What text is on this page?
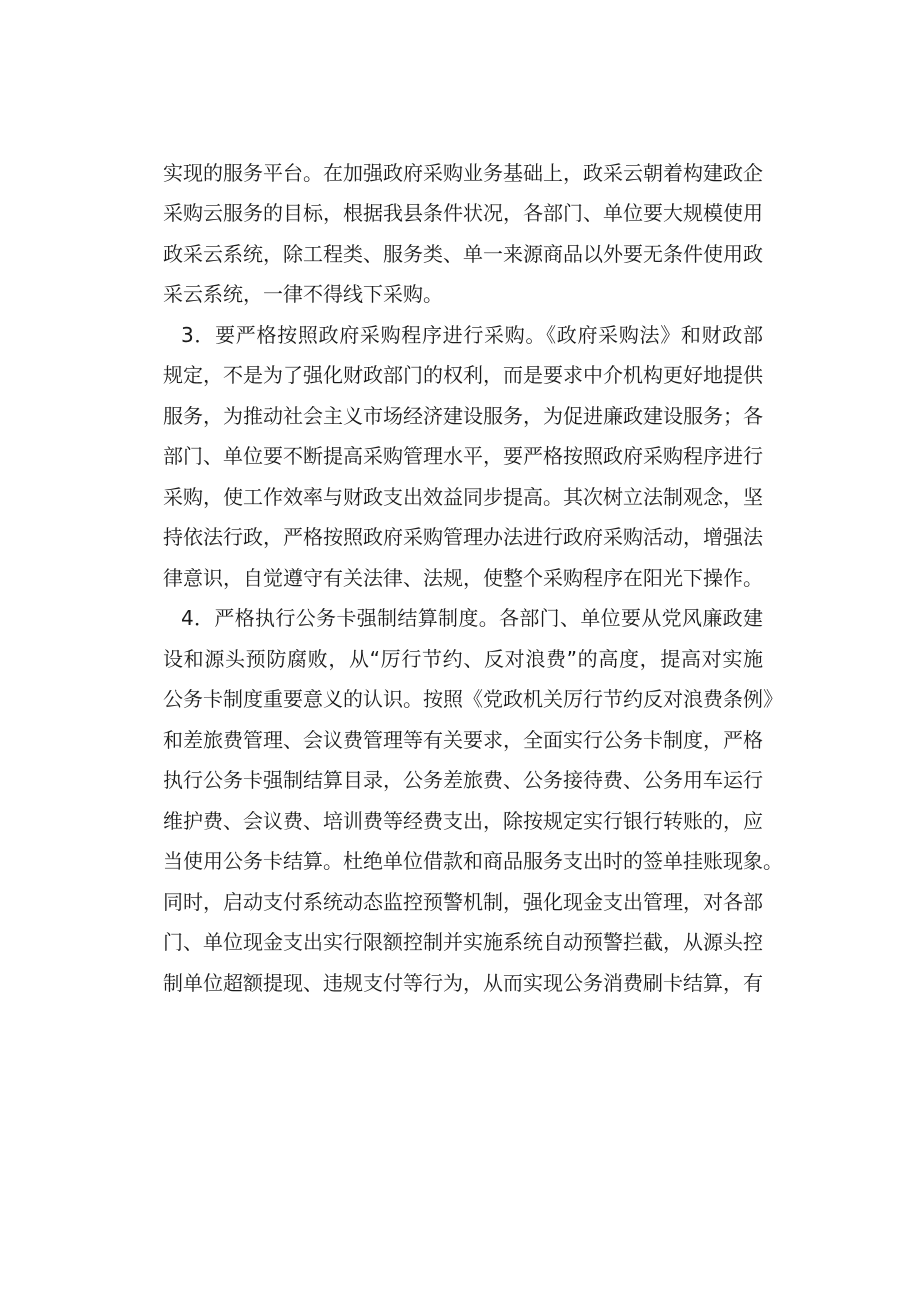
实现的服务平台。在加强政府采购业务基础上，政采云朝着构建政企
采购云服务的目标，根据我县条件状况，各部门、单位要大规模使用
政采云系统，除工程类、服务类、单一来源商品以外要无条件使用政
采云系统，一律不得线下采购。
3．要严格按照政府采购程序进行采购。《政府采购法》和财政部
规定，不是为了强化财政部门的权利，而是要求中介机构更好地提供
服务，为推动社会主义市场经济建设服务，为促进廉政建设服务；各
部门、单位要不断提高采购管理水平，要严格按照政府采购程序进行
采购，使工作效率与财政支出效益同步提高。其次树立法制观念，坚
持依法行政，严格按照政府采购管理办法进行政府采购活动，增强法
律意识，自觉遵守有关法律、法规，使整个采购程序在阳光下操作。
4．严格执行公务卡强制结算制度。各部门、单位要从党风廉政建
设和源头预防腐败，从“厉行节约、反对浪费”的高度，提高对实施
公务卡制度重要意义的认识。按照《党政机关厉行节约反对浪费条例》
和差旅费管理、会议费管理等有关要求，全面实行公务卡制度，严格
执行公务卡强制结算目录，公务差旅费、公务接待费、公务用车运行
维护费、会议费、培训费等经费支出，除按规定实行银行转账的，应
当使用公务卡结算。杜绝单位借款和商品服务支出时的签单挂账现象。
同时，启动支付系统动态监控预警机制，强化现金支出管理，对各部
门、单位现金支出实行限额控制并实施系统自动预警拦截，从源头控
制单位超额提现、违规支付等行为，从而实现公务消费刷卡结算，有
